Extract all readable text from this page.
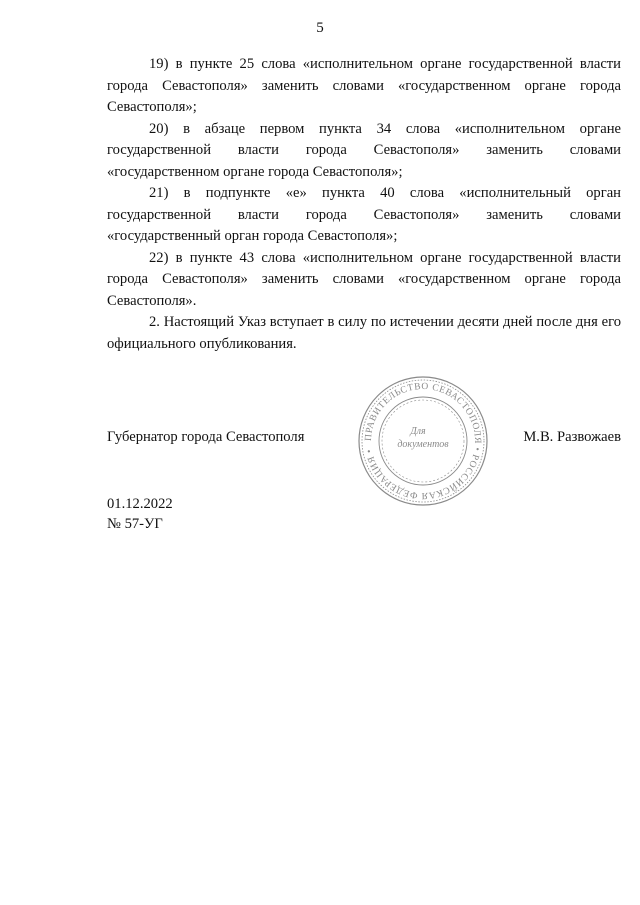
5

19) в пункте 25 слова «исполнительном органе государственной власти города Севастополя» заменить словами «государственном органе города Севастополя»;

20) в абзаце первом пункта 34 слова «исполнительном органе государственной власти города Севастополя» заменить словами «государственном органе города Севастополя»;

21) в подпункте «е» пункта 40 слова «исполнительный орган государственной власти города Севастополя» заменить словами «государственный орган города Севастополя»;

22) в пункте 43 слова «исполнительном органе государственной власти города Севастополя» заменить словами «государственном органе города Севастополя».

2. Настоящий Указ вступает в силу по истечении десяти дней после дня его официального опубликования.

Губернатор города Севастополя	М.В. Развожаев
ПРАВИТЕЛЬСТВО СЕВАСТОПОЛЯ • РОССИЙСКАЯ ФЕДЕРАЦИЯ •
Для
документов
01.12.2022
№ 57-УГ
